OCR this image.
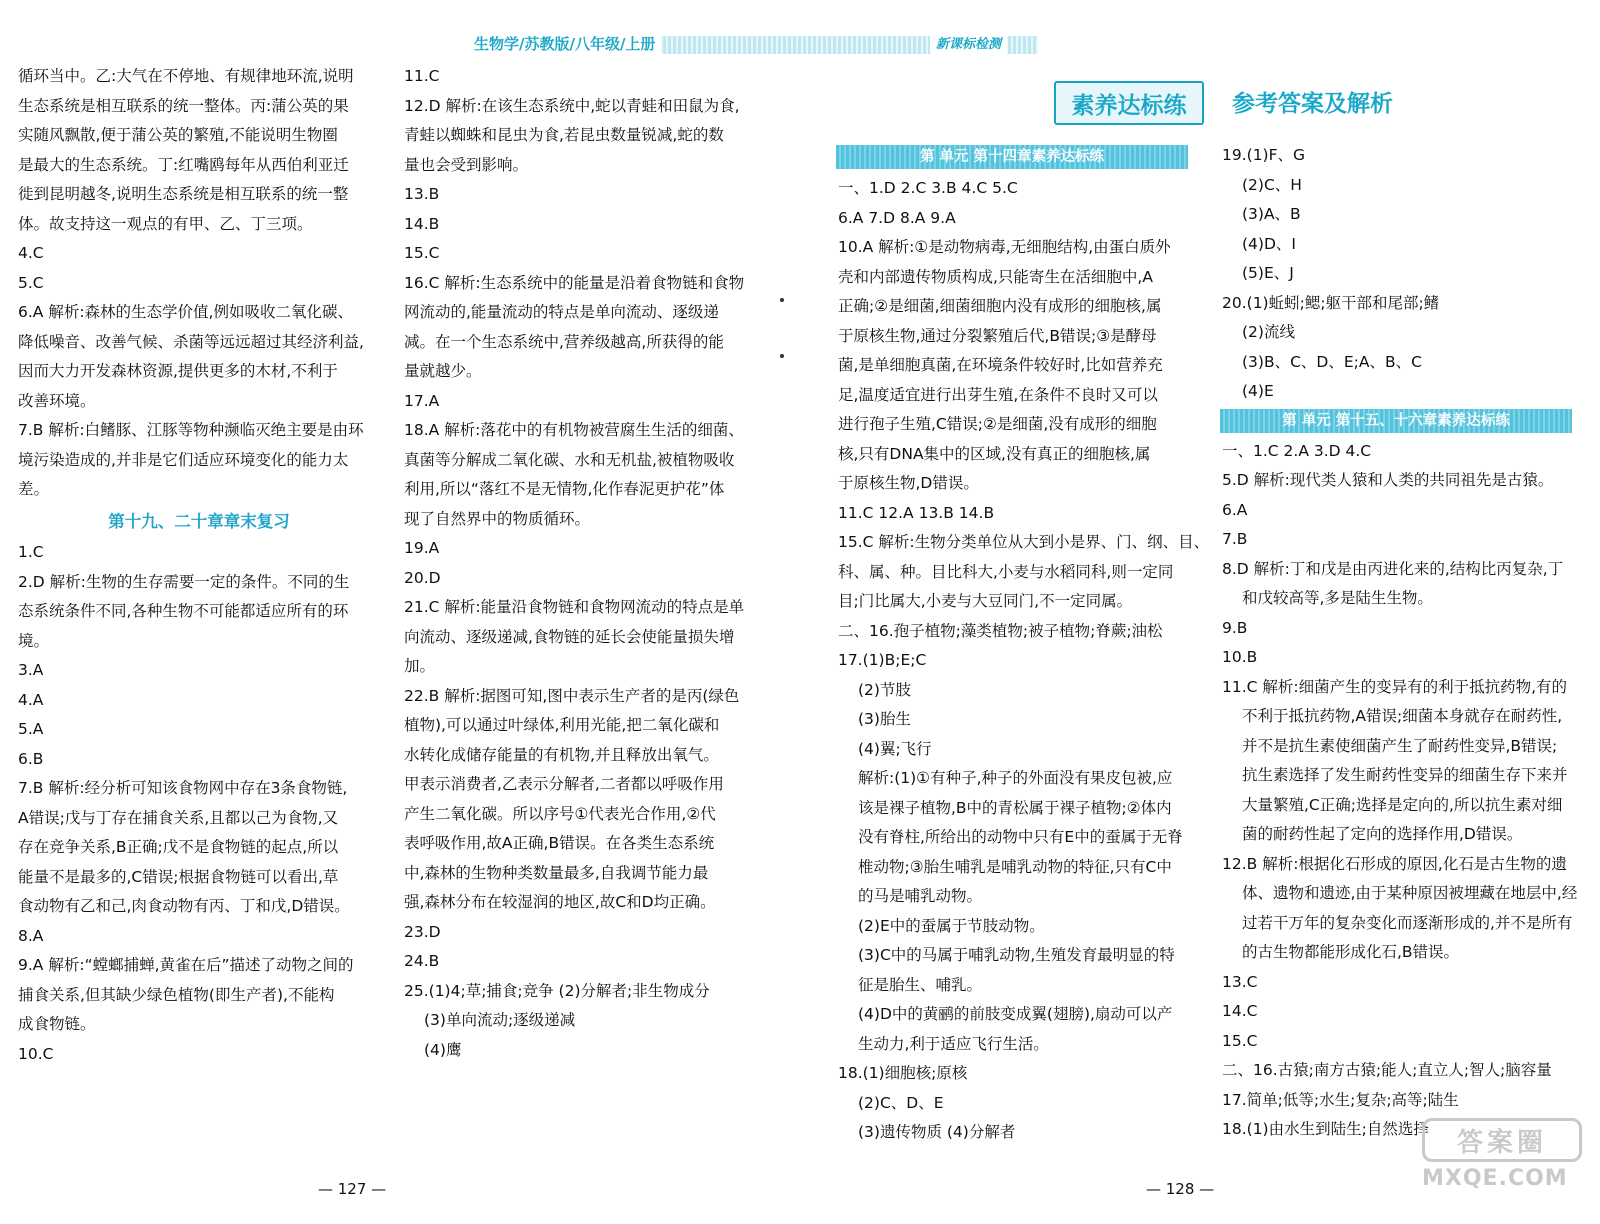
生物学/苏教版/八年级/上册	新课标检测
循环当中。乙:大气在不停地、有规律地环流,说明
生态系统是相互联系的统一整体。丙:蒲公英的果
实随风飘散,便于蒲公英的繁殖,不能说明生物圈
是最大的生态系统。丁:红嘴鸥每年从西伯利亚迁
徙到昆明越冬,说明生态系统是相互联系的统一整
体。故支持这一观点的有甲、乙、丁三项。
4.C
5.C
6.A 解析:森林的生态学价值,例如吸收二氧化碳、
降低噪音、改善气候、杀菌等远远超过其经济利益,
因而大力开发森林资源,提供更多的木材,不利于
改善环境。
7.B 解析:白鳍豚、江豚等物种濒临灭绝主要是由环
境污染造成的,并非是它们适应环境变化的能力太
差。
第十九、二十章章末复习
1.C
2.D 解析:生物的生存需要一定的条件。不同的生
态系统条件不同,各种生物不可能都适应所有的环
境。
3.A
4.A
5.A
6.B
7.B 解析:经分析可知该食物网中存在3条食物链,
A错误;戊与丁存在捕食关系,且都以己为食物,又
存在竞争关系,B正确;戊不是食物链的起点,所以
能量不是最多的,C错误;根据食物链可以看出,草
食动物有乙和己,肉食动物有丙、丁和戊,D错误。
8.A
9.A 解析:“螳螂捕蝉,黄雀在后”描述了动物之间的
捕食关系,但其缺少绿色植物(即生产者),不能构
成食物链。
10.C
11.C
12.D 解析:在该生态系统中,蛇以青蛙和田鼠为食,
青蛙以蜘蛛和昆虫为食,若昆虫数量锐减,蛇的数
量也会受到影响。
13.B
14.B
15.C
16.C 解析:生态系统中的能量是沿着食物链和食物
网流动的,能量流动的特点是单向流动、逐级递
减。在一个生态系统中,营养级越高,所获得的能
量就越少。
17.A
18.A 解析:落花中的有机物被营腐生生活的细菌、
真菌等分解成二氧化碳、水和无机盐,被植物吸收
利用,所以“落红不是无情物,化作春泥更护花”体
现了自然界中的物质循环。
19.A
20.D
21.C 解析:能量沿食物链和食物网流动的特点是单
向流动、逐级递减,食物链的延长会使能量损失增
加。
22.B 解析:据图可知,图中表示生产者的是丙(绿色
植物),可以通过叶绿体,利用光能,把二氧化碳和
水转化成储存能量的有机物,并且释放出氧气。
甲表示消费者,乙表示分解者,二者都以呼吸作用
产生二氧化碳。所以序号①代表光合作用,②代
表呼吸作用,故A正确,B错误。在各类生态系统
中,森林的生物种类数量最多,自我调节能力最
强,森林分布在较湿润的地区,故C和D均正确。
23.D
24.B
25.(1)4;草;捕食;竞争 (2)分解者;非生物成分
(3)单向流动;逐级递减
(4)鹰
素养达标练 参考答案及解析
第 单元 第十四章素养达标练
一、1.D 2.C 3.B 4.C 5.C
6.A 7.D 8.A 9.A
10.A 解析:①是动物病毒,无细胞结构,由蛋白质外
壳和内部遗传物质构成,只能寄生在活细胞中,A
正确;②是细菌,细菌细胞内没有成形的细胞核,属
于原核生物,通过分裂繁殖后代,B错误;③是酵母
菌,是单细胞真菌,在环境条件较好时,比如营养充
足,温度适宜进行出芽生殖,在条件不良时又可以
进行孢子生殖,C错误;②是细菌,没有成形的细胞
核,只有DNA集中的区域,没有真正的细胞核,属
于原核生物,D错误。
11.C 12.A 13.B 14.B
15.C 解析:生物分类单位从大到小是界、门、纲、目、
科、属、种。目比科大,小麦与水稻同科,则一定同
目;门比属大,小麦与大豆同门,不一定同属。
二、16.孢子植物;藻类植物;被子植物;脊蕨;油松
17.(1)B;E;C
(2)节肢
(3)胎生
(4)翼;飞行
解析:(1)①有种子,种子的外面没有果皮包被,应
该是裸子植物,B中的青松属于裸子植物;②体内
没有脊柱,所给出的动物中只有E中的蚕属于无脊
椎动物;③胎生哺乳是哺乳动物的特征,只有C中
的马是哺乳动物。
(2)E中的蚕属于节肢动物。
(3)C中的马属于哺乳动物,生殖发育最明显的特
征是胎生、哺乳。
(4)D中的黄鹂的前肢变成翼(翅膀),扇动可以产
生动力,利于适应飞行生活。
18.(1)细胞核;原核
(2)C、D、E
(3)遗传物质 (4)分解者
19.(1)F、G
(2)C、H
(3)A、B
(4)D、I
(5)E、J
20.(1)蚯蚓;鳃;躯干部和尾部;鳍
(2)流线
(3)B、C、D、E;A、B、C
(4)E
第 单元 第十五、十六章素养达标练
一、1.C 2.A 3.D 4.C
5.D 解析:现代类人猿和人类的共同祖先是古猿。
6.A
7.B
8.D 解析:丁和戊是由丙进化来的,结构比丙复杂,丁
和戊较高等,多是陆生生物。
9.B
10.B
11.C 解析:细菌产生的变异有的利于抵抗药物,有的
不利于抵抗药物,A错误;细菌本身就存在耐药性,
并不是抗生素使细菌产生了耐药性变异,B错误;
抗生素选择了发生耐药性变异的细菌生存下来并
大量繁殖,C正确;选择是定向的,所以抗生素对细
菌的耐药性起了定向的选择作用,D错误。
12.B 解析:根据化石形成的原因,化石是古生物的遗
体、遗物和遗迹,由于某种原因被埋藏在地层中,经
过若干万年的复杂变化而逐渐形成的,并不是所有
的古生物都能形成化石,B错误。
13.C
14.C
15.C
二、16.古猿;南方古猿;能人;直立人;智人;脑容量
17.简单;低等;水生;复杂;高等;陆生
18.(1)由水生到陆生;自然选择
— 127 —	— 128 —
答案圈
MXQE.COM
